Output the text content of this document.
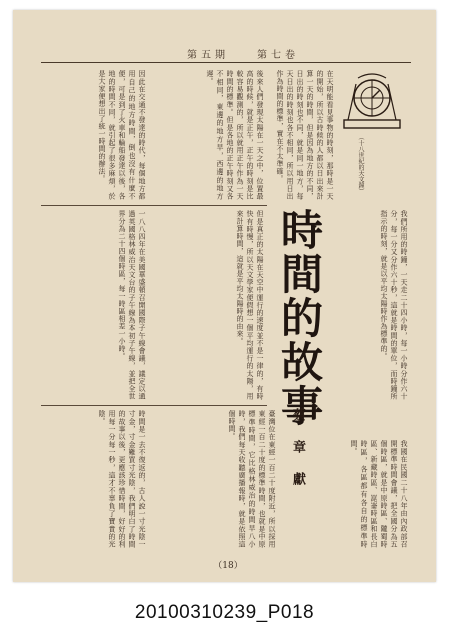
第五期　　第七卷
在天明能看見事物的時刻，那時是一天的開始，所以古時候的人都以日出來計算一天的時間，但是因為地方的不同，日出的時刻也不同，就是同一地方，每天日出的時刻也各不相同，所以用日出作為時間的標準，實在不太準確。	（十八世紀的天文鐘）
時間的故事
蔡　章　獻
後來人們發現太陽在一天之中，位置最高的時候，就是正午，正午的時刻是比較容易觀測的，所以就用正午作為一天時間的標準。但是各地的正午時刻又各不相同，東邊的地方早，西邊的地方遲。
因此在交通不發達的時代，每個地方都用自己的地方時間，倒也沒有什麼不便，可是到了火車和輪船發達以後，各地的時間不同，就引起了很多麻煩，於是大家便想出了統一時間的辦法。
我們所用的時鐘，一天走二十四小時，每一小時分作六十分，每一分又分作六十秒，這就是時間的單位，而時鐘所指示的時刻，就是以平均太陽時作為標準的。
但是真正的太陽在天空中運行的速度並不是一律的，有時快有時慢，所以天文學家便假想一個平均運行的太陽，用來計算時間，這就是平均太陽時的由來。
一八八四年在美國華盛頓召開國際子午線會議，議定以通過英國格林威治天文台的子午線為本初子午線，並把全世界分為二十四個時區，每一時區相差一小時。
我國在民國二十八年由內政部召開標準時間會議，把全國分為五個時區，就是中原時區、隴蜀時區、新藏時區、崑崙時區和長白時區，各區都有各自的標準時間。
臺灣位在東經一百二十度附近，所以採用東經一百二十度的標準時間，也就是中原標準時間，它比格林威治的時間早八小時，我們每天收聽廣播報時，就是依照這個時間。
時間是一去不復返的，古人說一寸光陰一寸金，寸金難買寸光陰，我們明白了時間的故事以後，更應該珍惜時間，好好的利用每一分每一秒，這才不辜負了寶貴的光陰。
（18）
20100310239_P018
